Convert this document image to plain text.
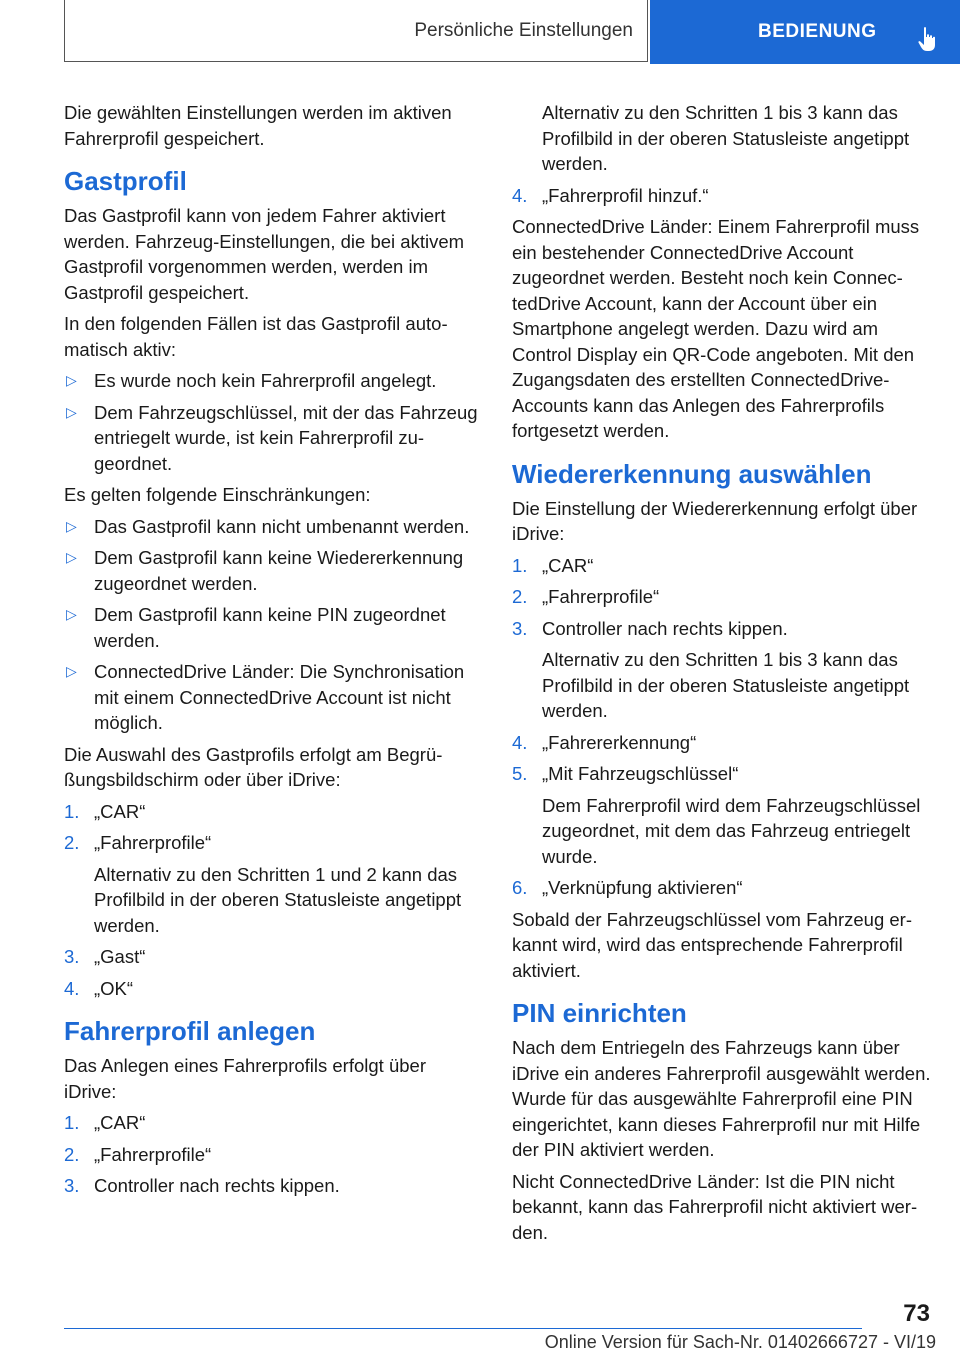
Persönliche Einstellungen	BEDIENUNG

Die gewählten Einstellungen werden im aktiven Fahrerprofil gespeichert.

Gastprofil

Das Gastprofil kann von jedem Fahrer aktiviert werden. Fahrzeug-Einstellungen, die bei aktivem Gastprofil vorgenommen werden, werden im Gastprofil gespeichert.

In den folgenden Fällen ist das Gastprofil automatisch aktiv:

▷ Es wurde noch kein Fahrerprofil angelegt.
▷ Dem Fahrzeugschlüssel, mit der das Fahrzeug entriegelt wurde, ist kein Fahrerprofil zugeordnet.

Es gelten folgende Einschränkungen:

▷ Das Gastprofil kann nicht umbenannt werden.
▷ Dem Gastprofil kann keine Wiedererkennung zugeordnet werden.
▷ Dem Gastprofil kann keine PIN zugeordnet werden.
▷ ConnectedDrive Länder: Die Synchronisation mit einem ConnectedDrive Account ist nicht möglich.

Die Auswahl des Gastprofils erfolgt am Begrüßungsbildschirm oder über iDrive:

1. „CAR“
2. „Fahrerprofile“
Alternativ zu den Schritten 1 und 2 kann das Profilbild in der oberen Statusleiste angetippt werden.
3. „Gast“
4. „OK“
Fahrerprofil anlegen

Das Anlegen eines Fahrerprofils erfolgt über iDrive:

1. „CAR“
2. „Fahrerprofile“
3. Controller nach rechts kippen.

Alternativ zu den Schritten 1 bis 3 kann das Profilbild in der oberen Statusleiste angetippt werden.

4. „Fahrerprofil hinzuf.“

ConnectedDrive Länder: Einem Fahrerprofil muss ein bestehender ConnectedDrive Account zugeordnet werden. Besteht noch kein ConnectedDrive Account, kann der Account über ein Smartphone angelegt werden. Dazu wird am Control Display ein QR-Code angeboten. Mit den Zugangsdaten des erstellten ConnectedDrive-Accounts kann das Anlegen des Fahrerprofils fortgesetzt werden.

Wiedererkennung auswählen

Die Einstellung der Wiedererkennung erfolgt über iDrive:

1. „CAR“
2. „Fahrerprofile“
3. Controller nach rechts kippen.
Alternativ zu den Schritten 1 bis 3 kann das Profilbild in der oberen Statusleiste angetippt werden.
4. „Fahrererkennung“
5. „Mit Fahrzeugschlüssel“
Dem Fahrerprofil wird dem Fahrzeugschlüssel zugeordnet, mit dem das Fahrzeug entriegelt wurde.
6. „Verknüpfung aktivieren“

Sobald der Fahrzeugschlüssel vom Fahrzeug erkannt wird, wird das entsprechende Fahrerprofil aktiviert.

PIN einrichten

Nach dem Entriegeln des Fahrzeugs kann über iDrive ein anderes Fahrerprofil ausgewählt werden. Wurde für das ausgewählte Fahrerprofil eine PIN eingerichtet, kann dieses Fahrerprofil nur mit Hilfe der PIN aktiviert werden.

Nicht ConnectedDrive Länder: Ist die PIN nicht bekannt, kann das Fahrerprofil nicht aktiviert werden.

73
Online Version für Sach-Nr. 01402666727 - VI/19
